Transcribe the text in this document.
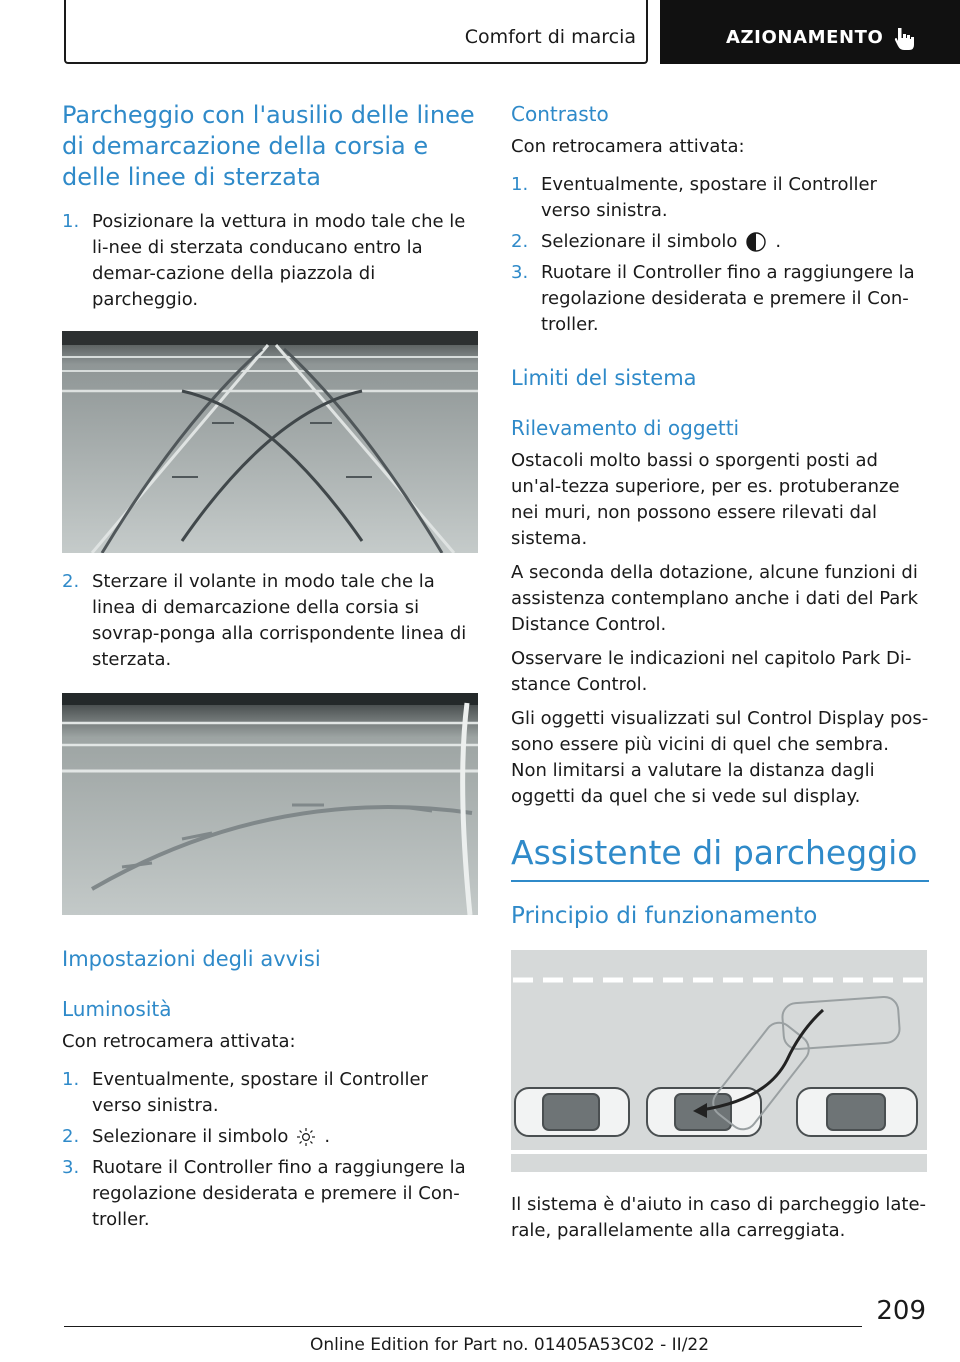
Comfort di marcia	AZIONAMENTO
Parcheggio con l'ausilio delle linee di demarcazione della corsia e delle linee di sterzata
1. Posizionare la vettura in modo tale che le li-nee di sterzata conducano entro la demar-cazione della piazzola di parcheggio.
2. Sterzare il volante in modo tale che la linea di demarcazione della corsia si sovrap-ponga alla corrispondente linea di sterzata.
Impostazioni degli avvisi
Luminosità

Con retrocamera attivata:

1. Eventualmente, spostare il Controller verso sinistra.
2. Selezionare il simbolo .
3. Ruotare il Controller fino a raggiungere la regolazione desiderata e premere il Con-troller.
Contrasto

Con retrocamera attivata:

1. Eventualmente, spostare il Controller verso sinistra.
2. Selezionare il simbolo .
3. Ruotare il Controller fino a raggiungere la regolazione desiderata e premere il Con-troller.
Limiti del sistema
Rilevamento di oggetti

Ostacoli molto bassi o sporgenti posti ad un'al-tezza superiore, per es. protuberanze nei muri, non possono essere rilevati dal sistema.

A seconda della dotazione, alcune funzioni di assistenza contemplano anche i dati del Park Distance Control.

Osservare le indicazioni nel capitolo Park Di-stance Control.

Gli oggetti visualizzati sul Control Display pos-sono essere più vicini di quel che sembra. Non limitarsi a valutare la distanza dagli oggetti da quel che si vede sul display.

Assistente di parcheggio
Principio di funzionamento

Il sistema è d'aiuto in caso di parcheggio late-rale, parallelamente alla carreggiata.

209
Online Edition for Part no. 01405A53C02 - II/22
